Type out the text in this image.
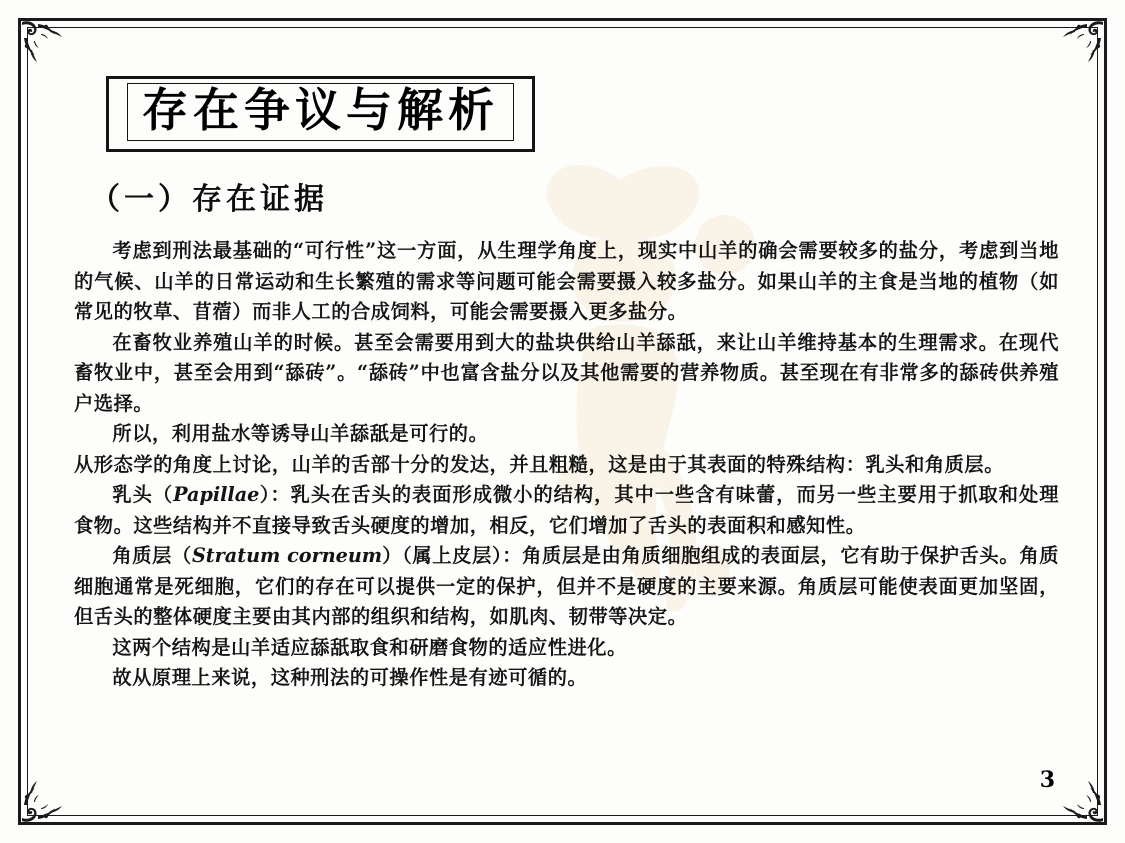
存在争议与解析
（一）存在证据

考虑到刑法最基础的“可行性”这一方面，从生理学角度上，现实中山羊的确会需要较多的盐分，考虑到当地的气候、山羊的日常运动和生长繁殖的需求等问题可能会需要摄入较多盐分。如果山羊的主食是当地的植物（如常见的牧草、苜蓿）而非人工的合成饲料，可能会需要摄入更多盐分。

在畜牧业养殖山羊的时候。甚至会需要用到大的盐块供给山羊舔舐，来让山羊维持基本的生理需求。在现代畜牧业中，甚至会用到“舔砖”。“舔砖”中也富含盐分以及其他需要的营养物质。甚至现在有非常多的舔砖供养殖户选择。

所以，利用盐水等诱导山羊舔舐是可行的。

从形态学的角度上讨论，山羊的舌部十分的发达，并且粗糙，这是由于其表面的特殊结构：乳头和角质层。

乳头（Papillae）：乳头在舌头的表面形成微小的结构，其中一些含有味蕾，而另一些主要用于抓取和处理食物。这些结构并不直接导致舌头硬度的增加，相反，它们增加了舌头的表面积和感知性。

角质层（Stratum corneum）（属上皮层）：角质层是由角质细胞组成的表面层，它有助于保护舌头。角质细胞通常是死细胞，它们的存在可以提供一定的保护，但并不是硬度的主要来源。角质层可能使表面更加坚固，但舌头的整体硬度主要由其内部的组织和结构，如肌肉、韧带等决定。

这两个结构是山羊适应舔舐取食和研磨食物的适应性进化。

故从原理上来说，这种刑法的可操作性是有迹可循的。

3
